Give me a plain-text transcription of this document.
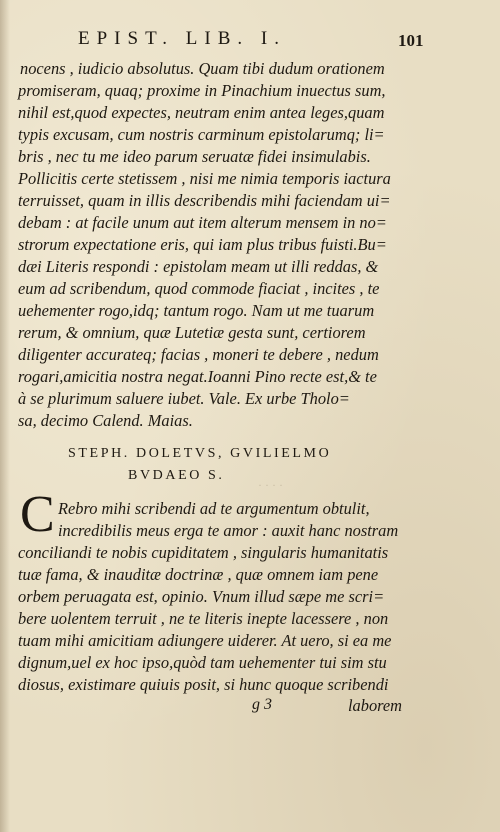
EPIST. LIB. I.	101
nocens , iudicio absolutus. Quam tibi dudum orationem
promiseram, quaq; proxime in Pinachium inuectus sum,
nihil est,quod expectes, neutram enim antea leges,quam
typis excusam, cum nostris carminum epistolarumq; li=
bris , nec tu me ideo parum seruatæ fidei insimulabis.
Pollicitis certe stetissem , nisi me nimia temporis iactura
terruisset, quam in illis describendis mihi faciendam ui=
debam : at facile unum aut item alterum mensem in no=
strorum expectatione eris, qui iam plus tribus fuisti.Bu=
dæi Literis respondi : epistolam meam ut illi reddas, &
eum ad scribendum, quod commode fiaciat , incites , te
uehementer rogo,idq; tantum rogo. Nam ut me tuarum
rerum, & omnium, quæ Lutetiæ gesta sunt, certiorem
diligenter accurateq; facias , moneri te debere , nedum
rogari,amicitia nostra negat.Ioanni Pino recte est,& te
à se plurimum saluere iubet. Vale. Ex urbe Tholo=
sa, decimo Calend. Maias.
STEPH. DOLETVS, GVILIELMO
BVDAEO S.
· · · ·
C Rebro mihi scribendi ad te argumentum obtulit,
incredibilis meus erga te amor : auxit hanc nostram
conciliandi te nobis cupiditatem , singularis humanitatis
tuæ fama, & inauditæ doctrinæ , quæ omnem iam pene
orbem peruagata est, opinio. Vnum illud sæpe me scri=
bere uolentem terruit , ne te literis inepte lacessere , non
tuam mihi amicitiam adiungere uiderer. At uero, si ea me
dignum,uel ex hoc ipso,quòd tam uehementer tui sim stu
diosus, existimare quiuis posit, si hunc quoque scribendi
g 3	laborem
